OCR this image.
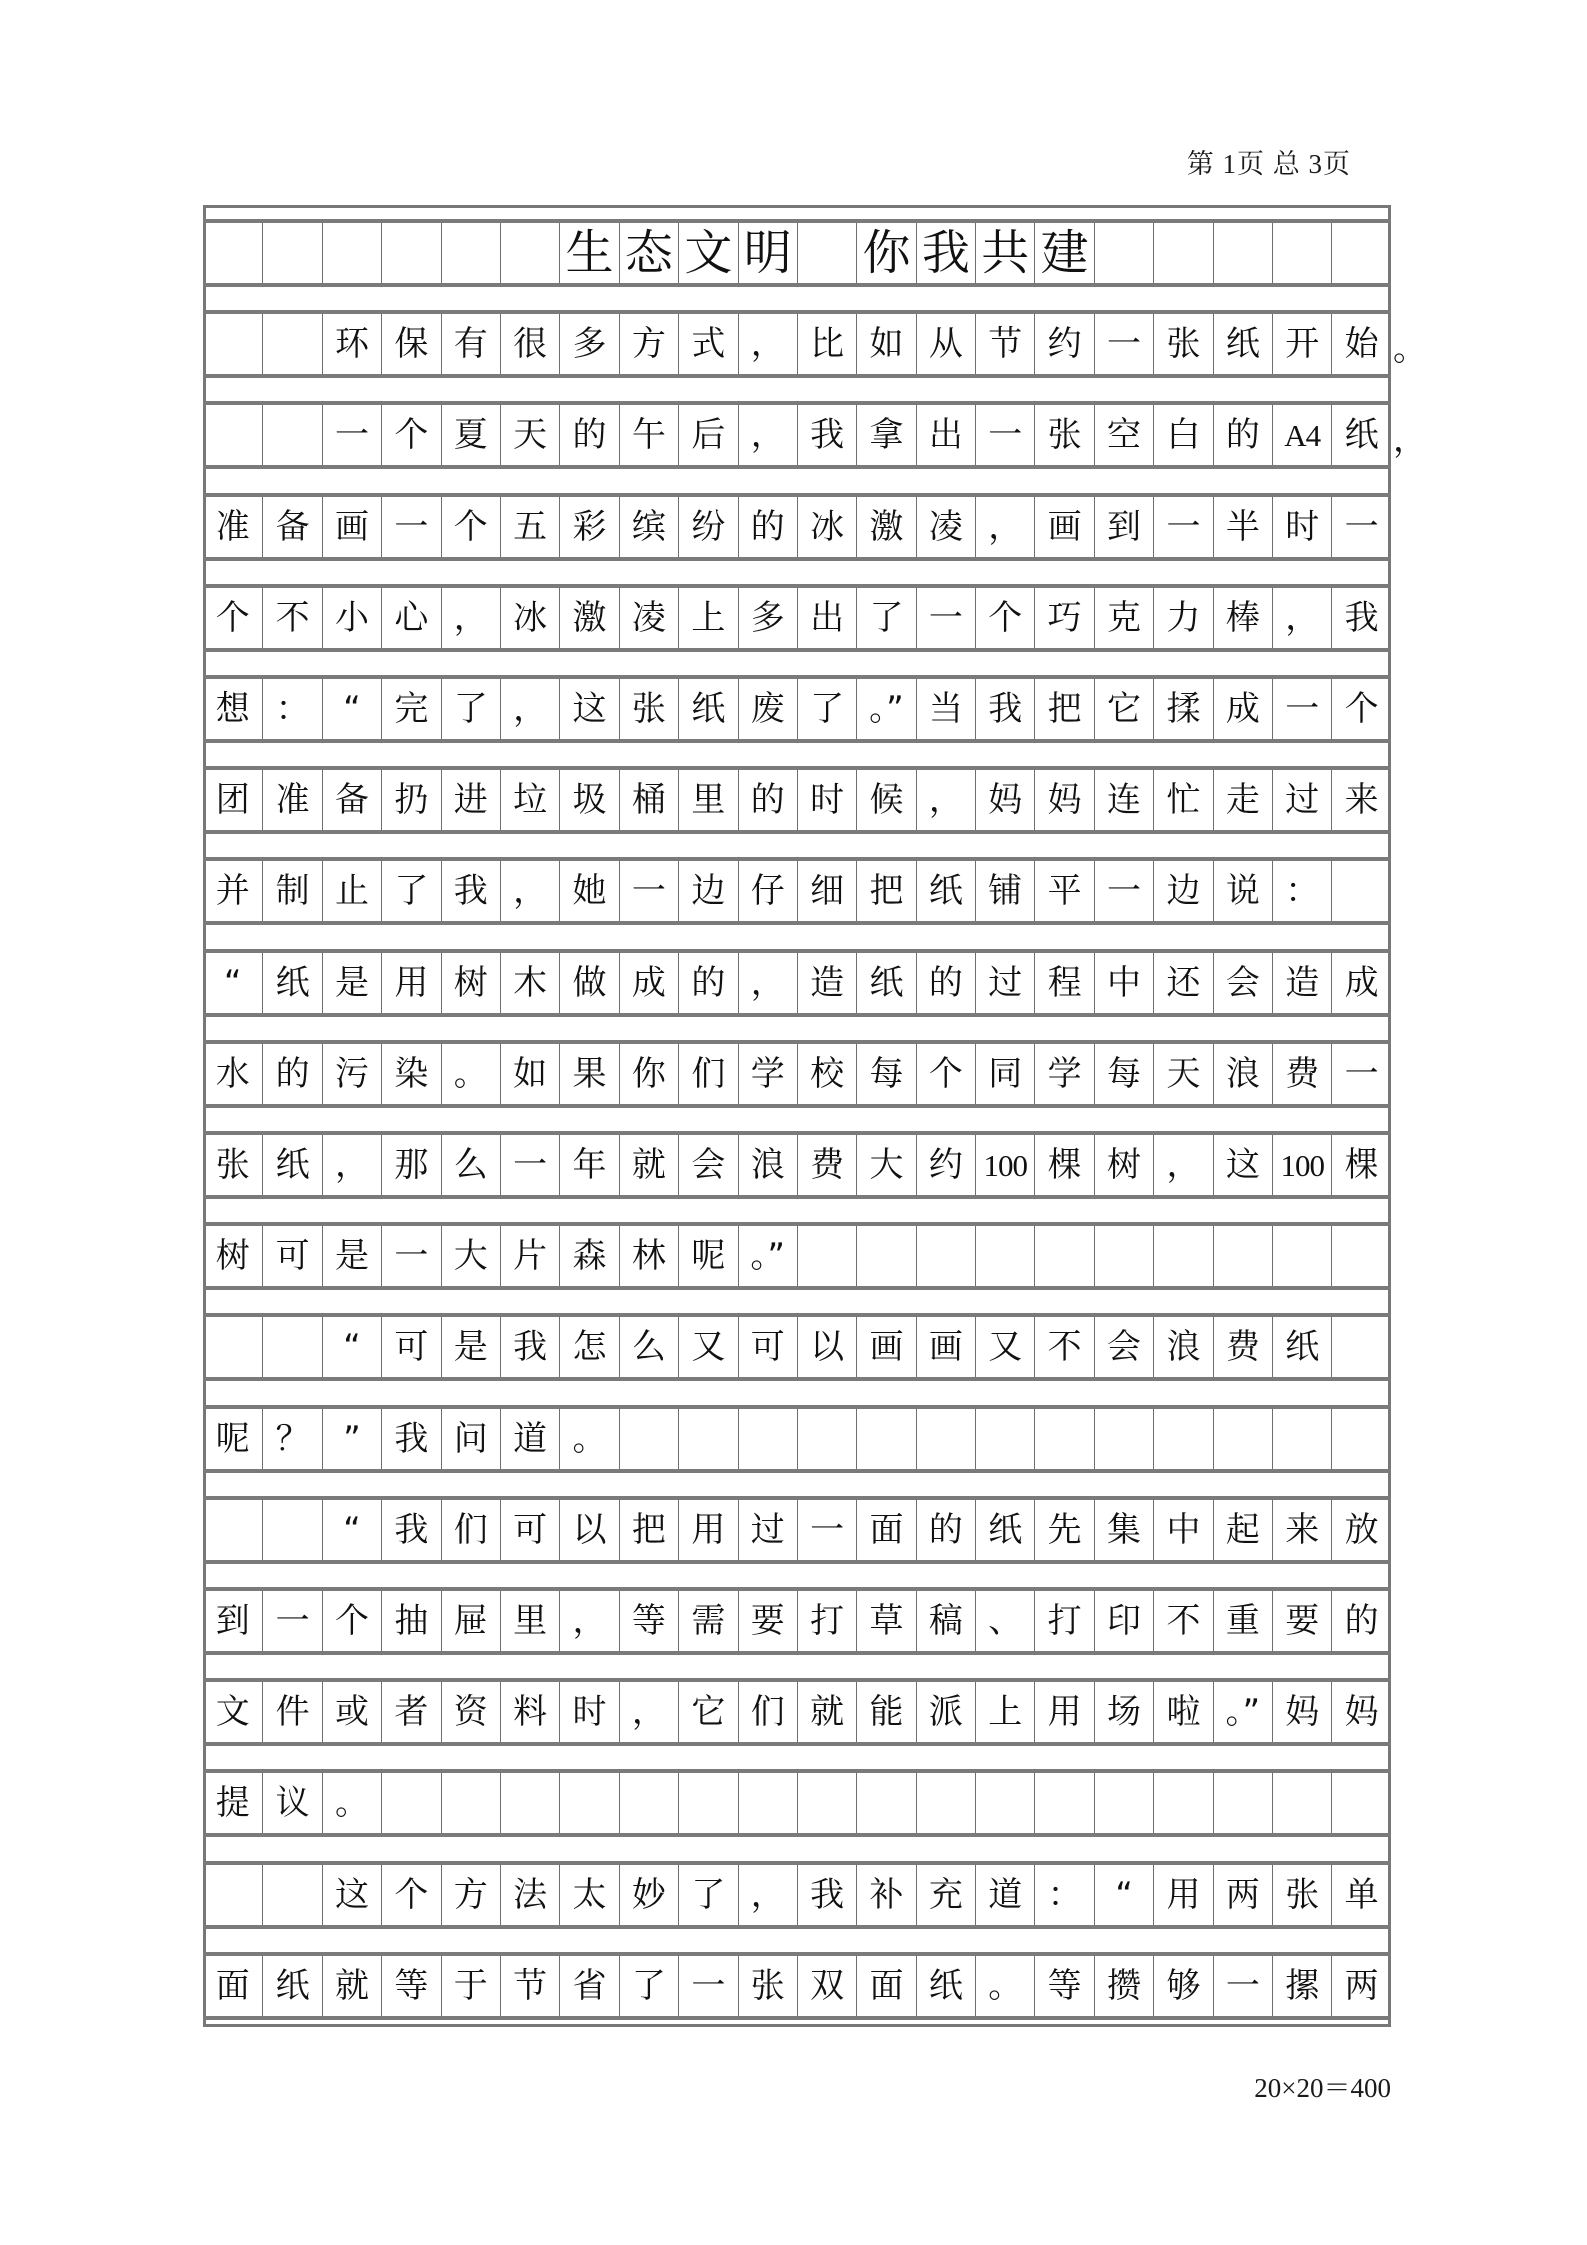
第 1页 总 3页
生 态 文 明 你 我 共 建
环 保 有 很 多 方 式 ， 比 如 从 节 约 一 张 纸 开 始
一 个 夏 天 的 午 后 ， 我 拿 出 一 张 空 白 的 A4 纸
准 备 画 一 个 五 彩 缤 纷 的 冰 激 凌 ， 画 到 一 半 时 一
个 不 小 心 ， 冰 激 凌 上 多 出 了 一 个 巧 克 力 棒 ， 我
想 ： “ 完 了 ， 这 张 纸 废 了 。” 当 我 把 它 揉 成 一 个
团 准 备 扔 进 垃 圾 桶 里 的 时 候 ， 妈 妈 连 忙 走 过 来
并 制 止 了 我 ， 她 一 边 仔 细 把 纸 铺 平 一 边 说 ：
“	纸 是 用 树 木 做 成 的 ， 造 纸 的 过 程 中 还 会 造 成
水 的 污 染 。 如 果 你 们 学 校 每 个 同 学 每 天 浪 费 一
张 纸 ， 那 么 一 年 就 会 浪 费 大 约 100 棵 树 ， 这 100 棵
树 可 是 一 大 片 森 林 呢 。”
“ 可 是 我 怎 么 又 可 以 画 画 又 不 会 浪 费 纸
呢 ？ ” 我 问 道 。
“ 我 们 可 以 把 用 过 一 面 的 纸 先 集 中 起 来 放
到 一 个 抽 屉 里 ， 等 需 要 打 草 稿 、 打 印 不 重 要 的
文 件 或 者 资 料 时 ， 它 们 就 能 派 上 用 场 啦 。” 妈 妈
提 议 。
这 个 方 法 太 妙 了 ， 我 补 充 道 ： “ 用 两 张 单
面 纸 就 等 于 节 省 了 一 张 双 面 纸 。 等 攒 够 一 摞 两
20×20＝400
。
，
